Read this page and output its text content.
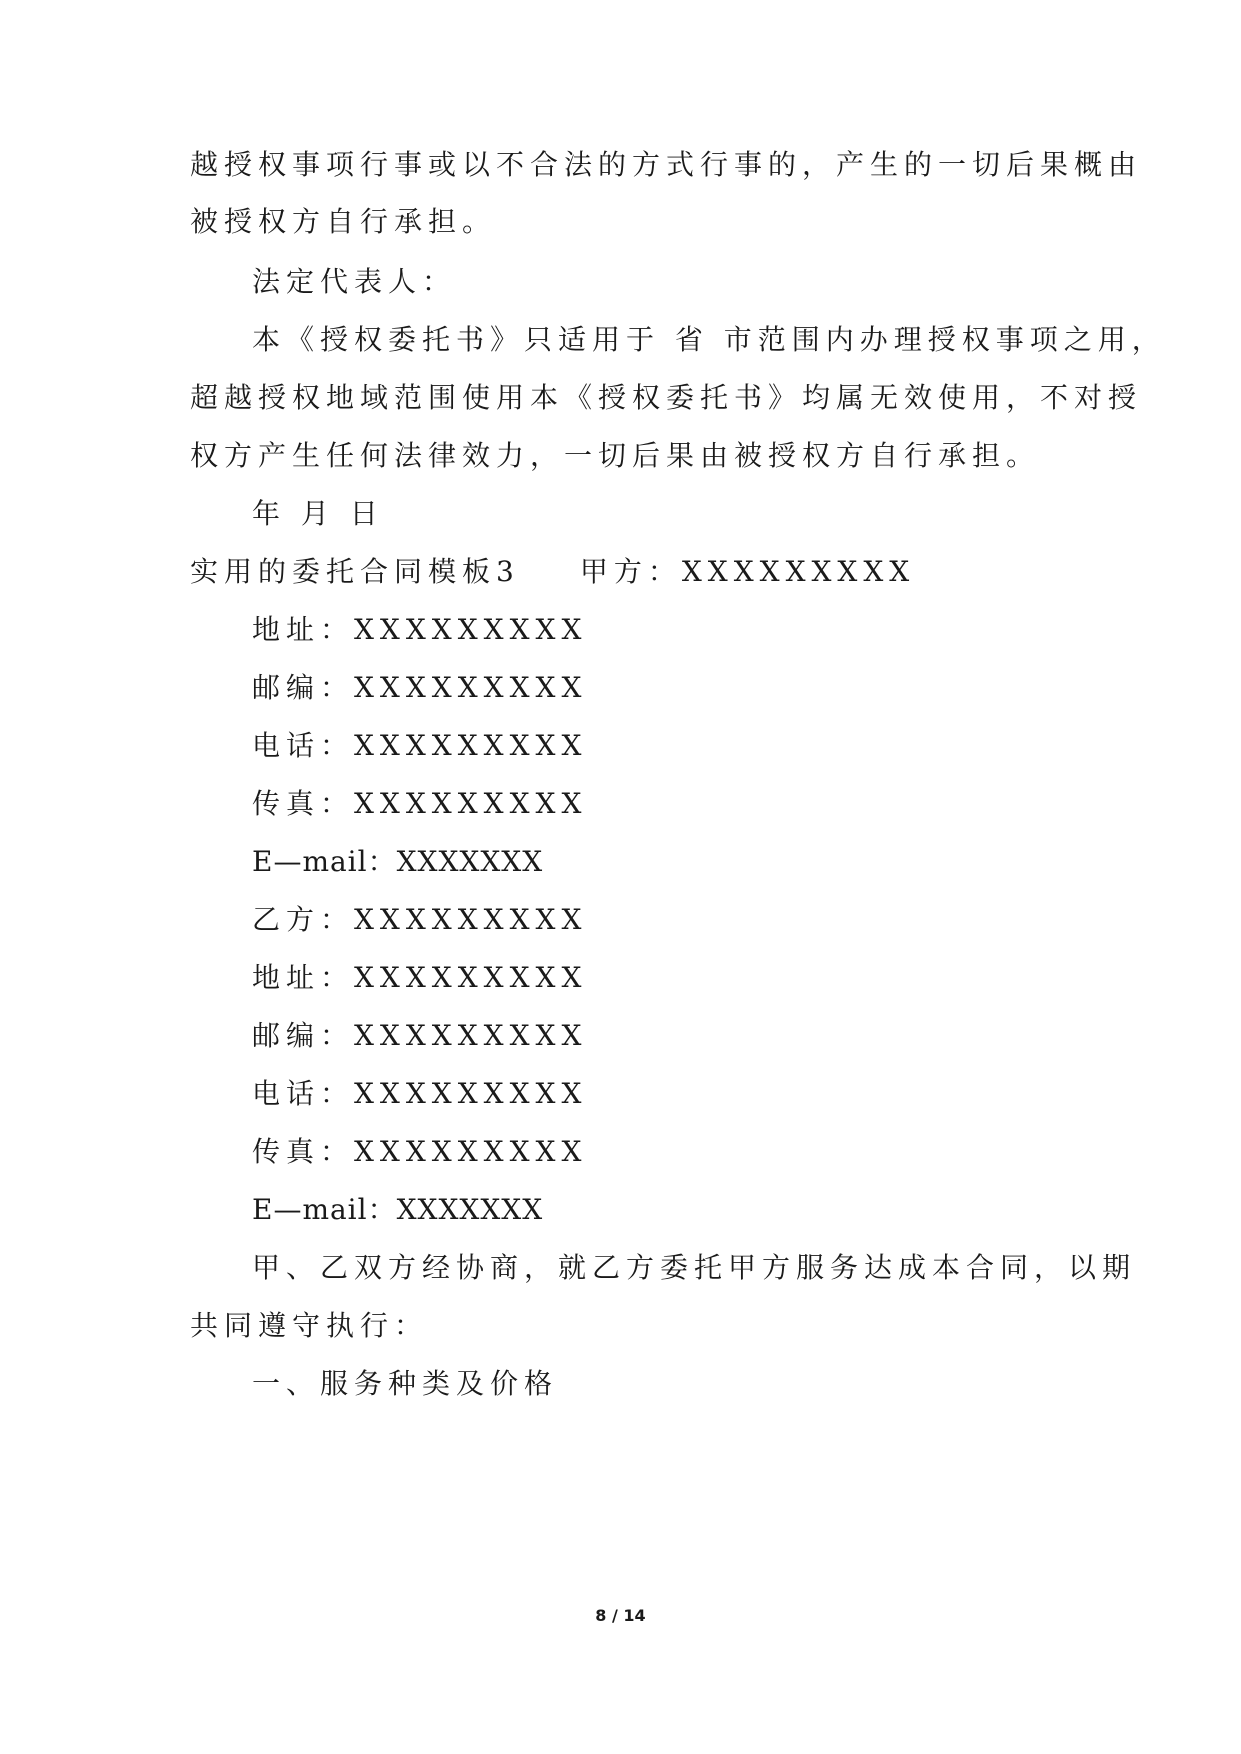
越授权事项行事或以不合法的方式行事的，产生的一切后果概由
被授权方自行承担。
法定代表人：
本《授权委托书》只适用于 省 市范围内办理授权事项之用，
超越授权地域范围使用本《授权委托书》均属无效使用，不对授
权方产生任何法律效力，一切后果由被授权方自行承担。
年 月 日
实用的委托合同模板3 甲方：XXXXXXXXX
地址：XXXXXXXXX
邮编：XXXXXXXXX
电话：XXXXXXXXX
传真：XXXXXXXXX
E—mail：XXXXXXX
乙方：XXXXXXXXX
地址：XXXXXXXXX
邮编：XXXXXXXXX
电话：XXXXXXXXX
传真：XXXXXXXXX
E—mail：XXXXXXX
甲、乙双方经协商，就乙方委托甲方服务达成本合同，以期
共同遵守执行：
一、服务种类及价格
8 / 14
